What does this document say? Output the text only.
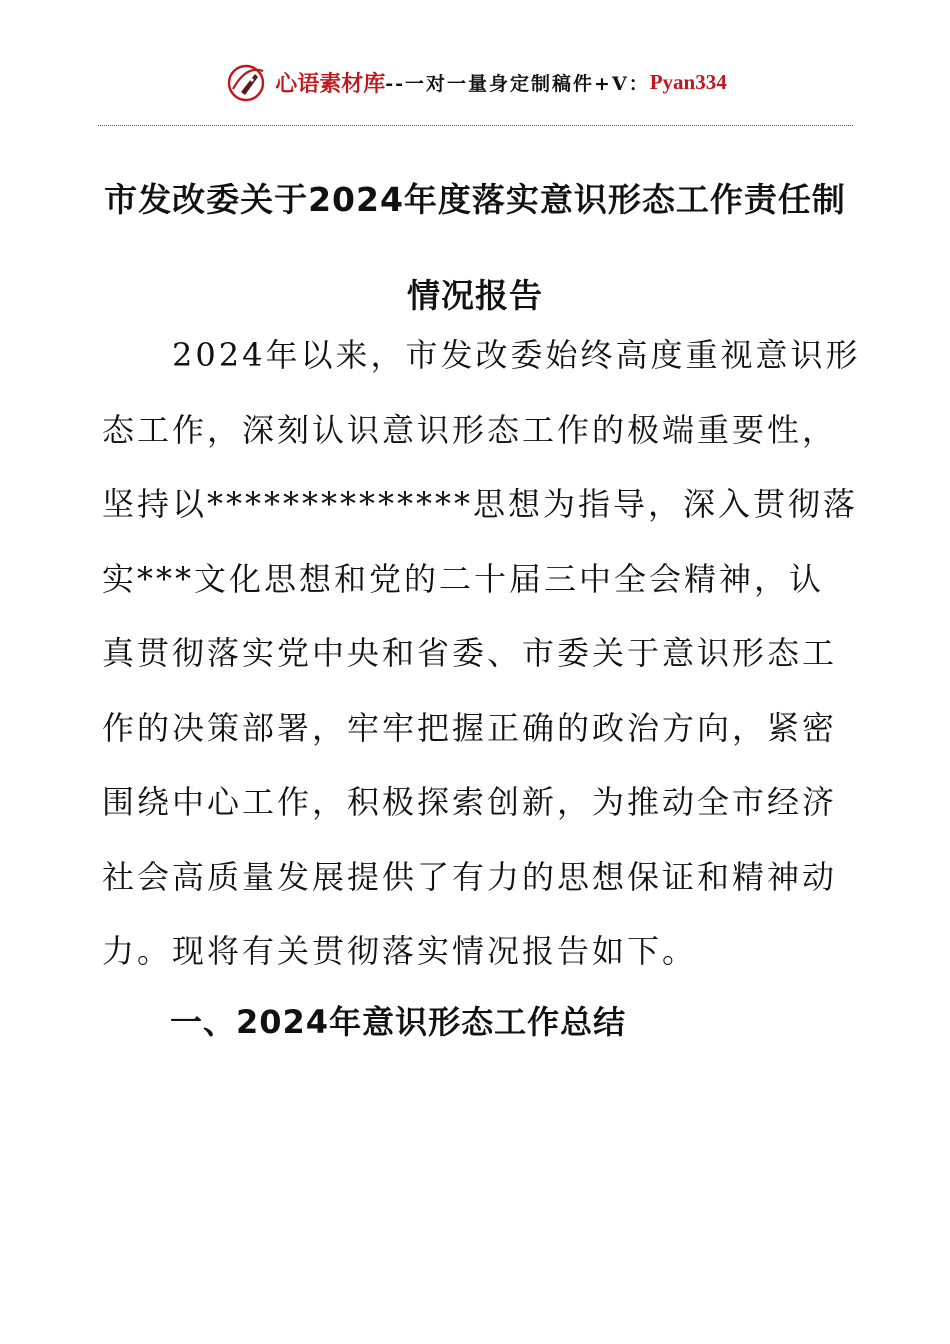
心语素材库 --一对一量身定制稿件+V： Pyan334
市发改委关于2024年度落实意识形态工作责任制
情况报告
　　2024年以来，市发改委始终高度重视意识形
态工作，深刻认识意识形态工作的极端重要性，
坚持以**************思想为指导，深入贯彻落
实***文化思想和党的二十届三中全会精神，认
真贯彻落实党中央和省委、市委关于意识形态工
作的决策部署，牢牢把握正确的政治方向，紧密
围绕中心工作，积极探索创新，为推动全市经济
社会高质量发展提供了有力的思想保证和精神动
力。现将有关贯彻落实情况报告如下。
一、2024年意识形态工作总结
